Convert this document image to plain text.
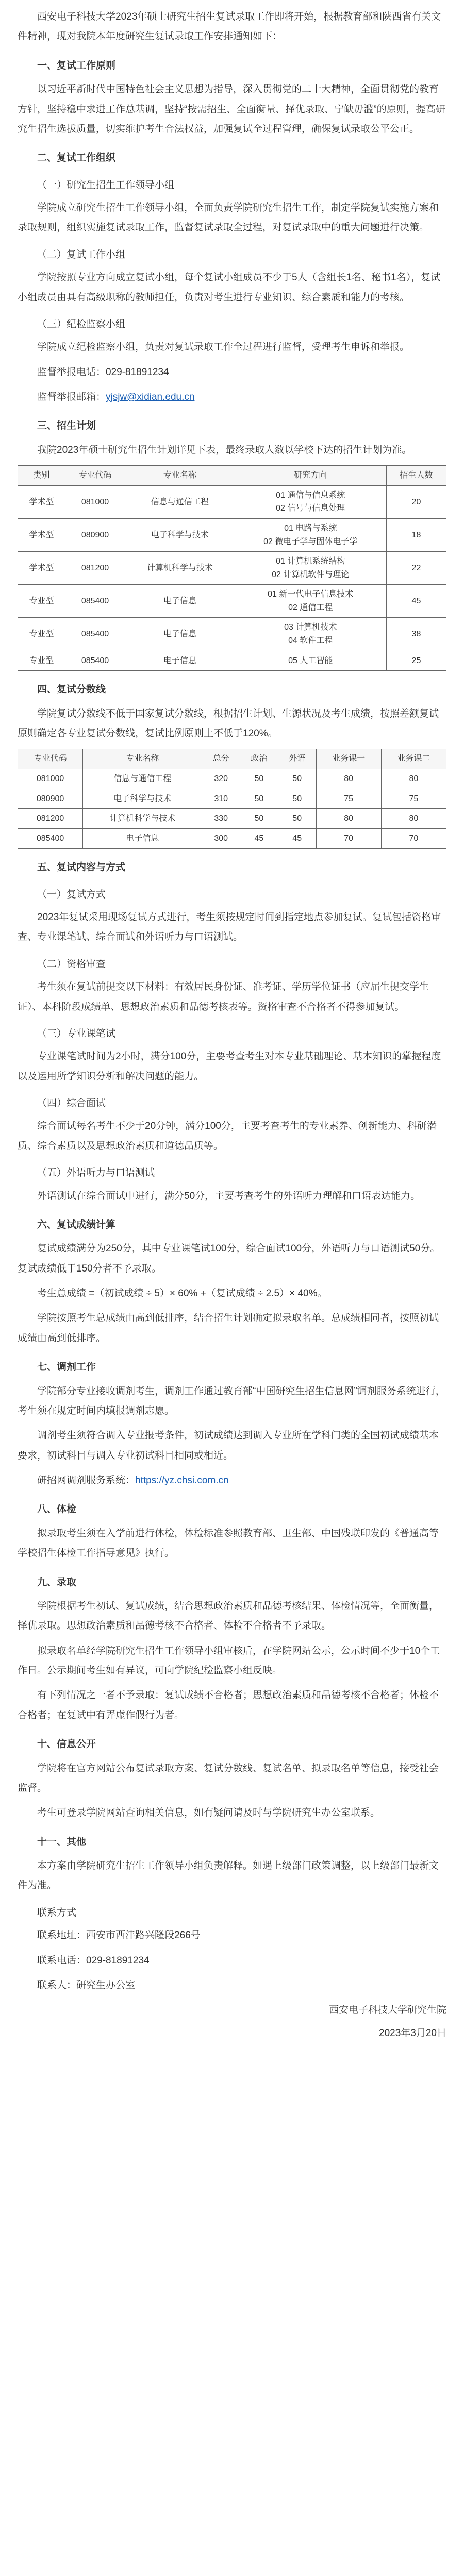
西安电子科技大学2023年硕士研究生招生复试录取工作即将开始，根据教育部和陕西省有关文件精神，现对我院本年度研究生复试录取工作安排通知如下：

一、复试工作原则

以习近平新时代中国特色社会主义思想为指导，深入贯彻党的二十大精神，全面贯彻党的教育方针，坚持稳中求进工作总基调，坚持“按需招生、全面衡量、择优录取、宁缺毋滥”的原则，提高研究生招生选拔质量，切实维护考生合法权益，加强复试全过程管理，确保复试录取公平公正。

二、复试工作组织
（一）研究生招生工作领导小组

学院成立研究生招生工作领导小组，全面负责学院研究生招生工作，制定学院复试实施方案和录取规则，组织实施复试录取工作，监督复试录取全过程，对复试录取中的重大问题进行决策。

（二）复试工作小组

学院按照专业方向成立复试小组，每个复试小组成员不少于5人（含组长1名、秘书1名），复试小组成员由具有高级职称的教师担任，负责对考生进行专业知识、综合素质和能力的考核。

（三）纪检监察小组

学院成立纪检监察小组，负责对复试录取工作全过程进行监督，受理考生申诉和举报。

监督举报电话：029-81891234

监督举报邮箱：yjsjw@xidian.edu.cn

三、招生计划

我院2023年硕士研究生招生计划详见下表，最终录取人数以学校下达的招生计划为准。

类别	专业代码	专业名称	研究方向	招生人数
学术型	081000	信息与通信工程	01 通信与信息系统
02 信号与信息处理	20
学术型	080900	电子科学与技术	01 电路与系统
02 微电子学与固体电子学	18
学术型	081200	计算机科学与技术	01 计算机系统结构
02 计算机软件与理论	22
专业型	085400	电子信息	01 新一代电子信息技术
02 通信工程	45
专业型	085400	电子信息	03 计算机技术
04 软件工程	38
专业型	085400	电子信息	05 人工智能	25
四、复试分数线

学院复试分数线不低于国家复试分数线，根据招生计划、生源状况及考生成绩，按照差额复试原则确定各专业复试分数线，复试比例原则上不低于120%。

专业代码	专业名称	总分	政治	外语	业务课一	业务课二
081000	信息与通信工程	320	50	50	80	80
080900	电子科学与技术	310	50	50	75	75
081200	计算机科学与技术	330	50	50	80	80
085400	电子信息	300	45	45	70	70
五、复试内容与方式
（一）复试方式

2023年复试采用现场复试方式进行，考生须按规定时间到指定地点参加复试。复试包括资格审查、专业课笔试、综合面试和外语听力与口语测试。

（二）资格审查

考生须在复试前提交以下材料：有效居民身份证、准考证、学历学位证书（应届生提交学生证）、本科阶段成绩单、思想政治素质和品德考核表等。资格审查不合格者不得参加复试。

（三）专业课笔试

专业课笔试时间为2小时，满分100分，主要考查考生对本专业基础理论、基本知识的掌握程度以及运用所学知识分析和解决问题的能力。

（四）综合面试

综合面试每名考生不少于20分钟，满分100分，主要考查考生的专业素养、创新能力、科研潜质、综合素质以及思想政治素质和道德品质等。

（五）外语听力与口语测试

外语测试在综合面试中进行，满分50分，主要考查考生的外语听力理解和口语表达能力。

六、复试成绩计算

复试成绩满分为250分，其中专业课笔试100分，综合面试100分，外语听力与口语测试50分。复试成绩低于150分者不予录取。

考生总成绩 =（初试成绩 ÷ 5）× 60% +（复试成绩 ÷ 2.5）× 40%。

学院按照考生总成绩由高到低排序，结合招生计划确定拟录取名单。总成绩相同者，按照初试成绩由高到低排序。

七、调剂工作

学院部分专业接收调剂考生，调剂工作通过教育部“中国研究生招生信息网”调剂服务系统进行，考生须在规定时间内填报调剂志愿。

调剂考生须符合调入专业报考条件，初试成绩达到调入专业所在学科门类的全国初试成绩基本要求，初试科目与调入专业初试科目相同或相近。

研招网调剂服务系统：https://yz.chsi.com.cn

八、体检

拟录取考生须在入学前进行体检，体检标准参照教育部、卫生部、中国残联印发的《普通高等学校招生体检工作指导意见》执行。

九、录取

学院根据考生初试、复试成绩，结合思想政治素质和品德考核结果、体检情况等，全面衡量，择优录取。思想政治素质和品德考核不合格者、体检不合格者不予录取。

拟录取名单经学院研究生招生工作领导小组审核后，在学院网站公示，公示时间不少于10个工作日。公示期间考生如有异议，可向学院纪检监察小组反映。

有下列情况之一者不予录取：复试成绩不合格者；思想政治素质和品德考核不合格者；体检不合格者；在复试中有弄虚作假行为者。

十、信息公开

学院将在官方网站公布复试录取方案、复试分数线、复试名单、拟录取名单等信息，接受社会监督。

考生可登录学院网站查询相关信息，如有疑问请及时与学院研究生办公室联系。

十一、其他

本方案由学院研究生招生工作领导小组负责解释。如遇上级部门政策调整，以上级部门最新文件为准。

联系方式

联系地址：西安市西沣路兴隆段266号

联系电话：029-81891234

联系人：研究生办公室

西安电子科技大学研究生院

2023年3月20日
